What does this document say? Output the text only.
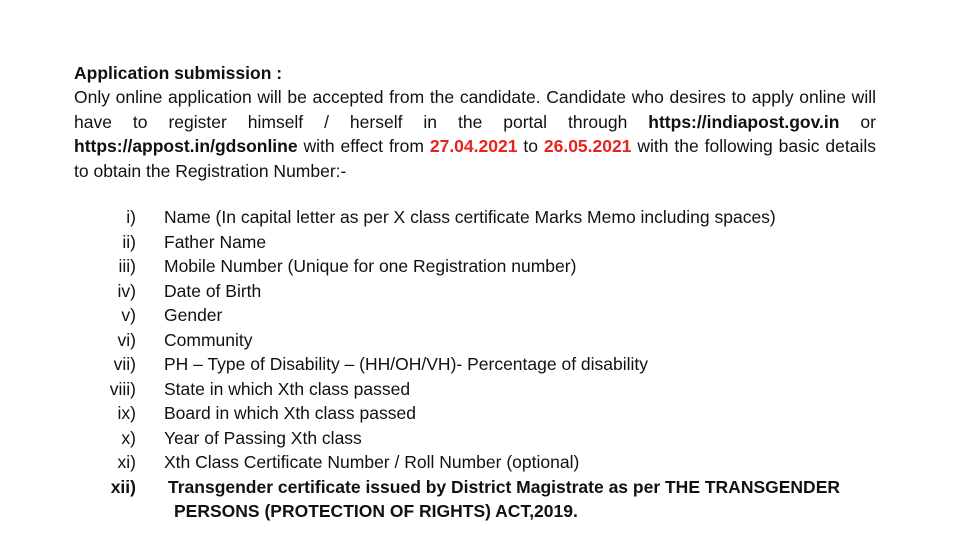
Application submission :

Only online application will be accepted from the candidate. Candidate who desires to apply online will have to register himself / herself in the portal through https://indiapost.gov.in or https://appost.in/gdsonline with effect from 27.04.2021 to 26.05.2021 with the following basic details to obtain the Registration Number:-

i) Name (In capital letter as per X class certificate Marks Memo including spaces)
ii) Father Name
iii) Mobile Number (Unique for one Registration number)
iv) Date of Birth
v) Gender
vi) Community
vii) PH – Type of Disability – (HH/OH/VH)- Percentage of disability
viii) State in which Xth class passed
ix) Board in which Xth class passed
x) Year of Passing Xth class
xi) Xth Class Certificate Number / Roll Number (optional)
xii) Transgender certificate issued by District Magistrate as per THE TRANSGENDER
PERSONS (PROTECTION OF RIGHTS) ACT,2019.
